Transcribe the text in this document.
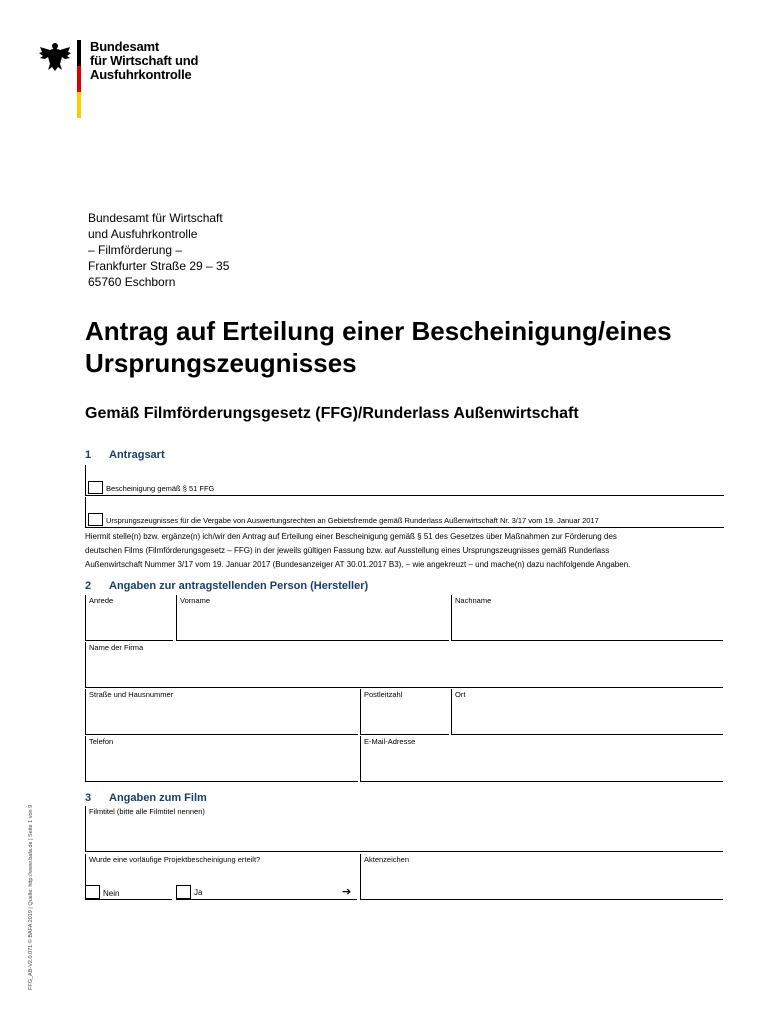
Bundesamt
für Wirtschaft und
Ausfuhrkontrolle
Bundesamt für Wirtschaft
und Ausfuhrkontrolle
– Filmförderung –
Frankfurter Straße 29 – 35
65760 Eschborn
Antrag auf Erteilung einer Bescheinigung/eines
Ursprungszeugnisses
Gemäß Filmförderungsgesetz (FFG)/Runderlass Außenwirtschaft
1 Antragsart
Bescheinigung gemäß § 51 FFG
Ursprungszeugnisses für die Vergabe von Auswertungsrechten an Gebietsfremde gemäß Runderlass Außenwirtschaft Nr. 3/17 vom 19. Januar 2017
Hiermit stelle(n) bzw. ergänze(n) ich/wir den Antrag auf Erteilung einer Bescheinigung gemäß § 51 des Gesetzes über Maßnahmen zur Förderung des
deutschen Films (Filmförderungsgesetz – FFG) in der jeweils gültigen Fassung bzw. auf Ausstellung eines Ursprungszeugnisses gemäß Runderlass
Außenwirtschaft Nummer 3/17 vom 19. Januar 2017 (Bundesanzeiger AT 30.01.2017 B3), – wie angekreuzt – und mache(n) dazu nachfolgende Angaben.
2 Angaben zur antragstellenden Person (Hersteller)
Anrede	Vorname	Nachname
Name der Firma
Straße und Hausnummer	Postleitzahl	Ort
Telefon	E-Mail-Adresse
3 Angaben zum Film
Filmtitel (bitte alle Filmtitel nennen)
Wurde eine vorläufige Projektbescheinigung erteilt?
Nein	Ja	➔
Aktenzeichen
FFG_AB-V2.0.071 © BAFA 2019 | Quelle: http://www.bafa.de | Seite 1 von 9
